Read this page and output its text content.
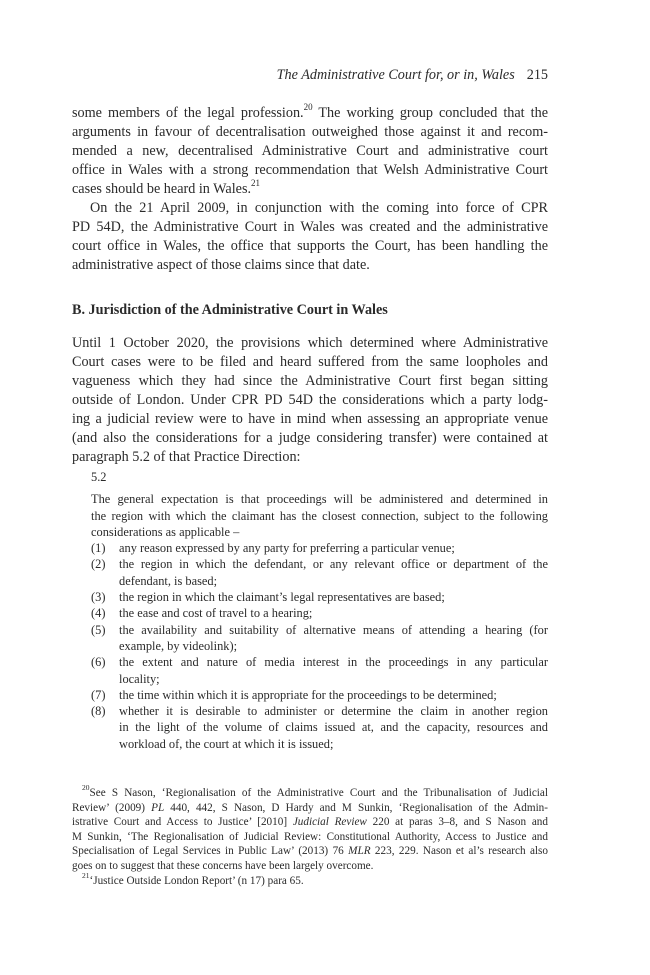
The Administrative Court for, or in, Wales 215

some members of the legal profession.$^{20}$ The working group concluded that the
arguments in favour of decentralisation outweighed those against it and recom-
mended a new, decentralised Administrative Court and administrative court
office in Wales with a strong recommendation that Welsh Administrative Court
cases should be heard in Wales.$^{21}$

On the 21 April 2009, in conjunction with the coming into force of CPR
PD 54D, the Administrative Court in Wales was created and the administrative
court office in Wales, the office that supports the Court, has been handling the
administrative aspect of those claims since that date.

B. Jurisdiction of the Administrative Court in Wales
Until 1 October 2020, the provisions which determined where Administrative
Court cases were to be filed and heard suffered from the same loopholes and
vagueness which they had since the Administrative Court first began sitting
outside of London. Under CPR PD 54D the considerations which a party lodg-
ing a judicial review were to have in mind when assessing an appropriate venue
(and also the considerations for a judge considering transfer) were contained at
paragraph 5.2 of that Practice Direction:

5.2

The general expectation is that proceedings will be administered and determined in
the region with which the claimant has the closest connection, subject to the following
considerations as applicable –
(1)	any reason expressed by any party for preferring a particular venue;
(2)	the region in which the defendant, or any relevant office or department of the
defendant, is based;
(3)	the region in which the claimant’s legal representatives are based;
(4)	the ease and cost of travel to a hearing;
(5)	the availability and suitability of alternative means of attending a hearing (for
example, by videolink);
(6)	the extent and nature of media interest in the proceedings in any particular
locality;
(7)	the time within which it is appropriate for the proceedings to be determined;
(8)	whether it is desirable to administer or determine the claim in another region
in the light of the volume of claims issued at, and the capacity, resources and
workload of, the court at which it is issued;
$^{20}$See S Nason, ‘Regionalisation of the Administrative Court and the Tribunalisation of Judicial
Review’ (2009) PL 440, 442, S Nason, D Hardy and M Sunkin, ‘Regionalisation of the Admin-
istrative Court and Access to Justice’ [2010] Judicial Review 220 at paras 3–8, and S Nason and
M Sunkin, ‘The Regionalisation of Judicial Review: Constitutional Authority, Access to Justice and
Specialisation of Legal Services in Public Law’ (2013) 76 MLR 223, 229. Nason et al’s research also
goes on to suggest that these concerns have been largely overcome.
$^{21}$‘Justice Outside London Report’ (n 17) para 65.
